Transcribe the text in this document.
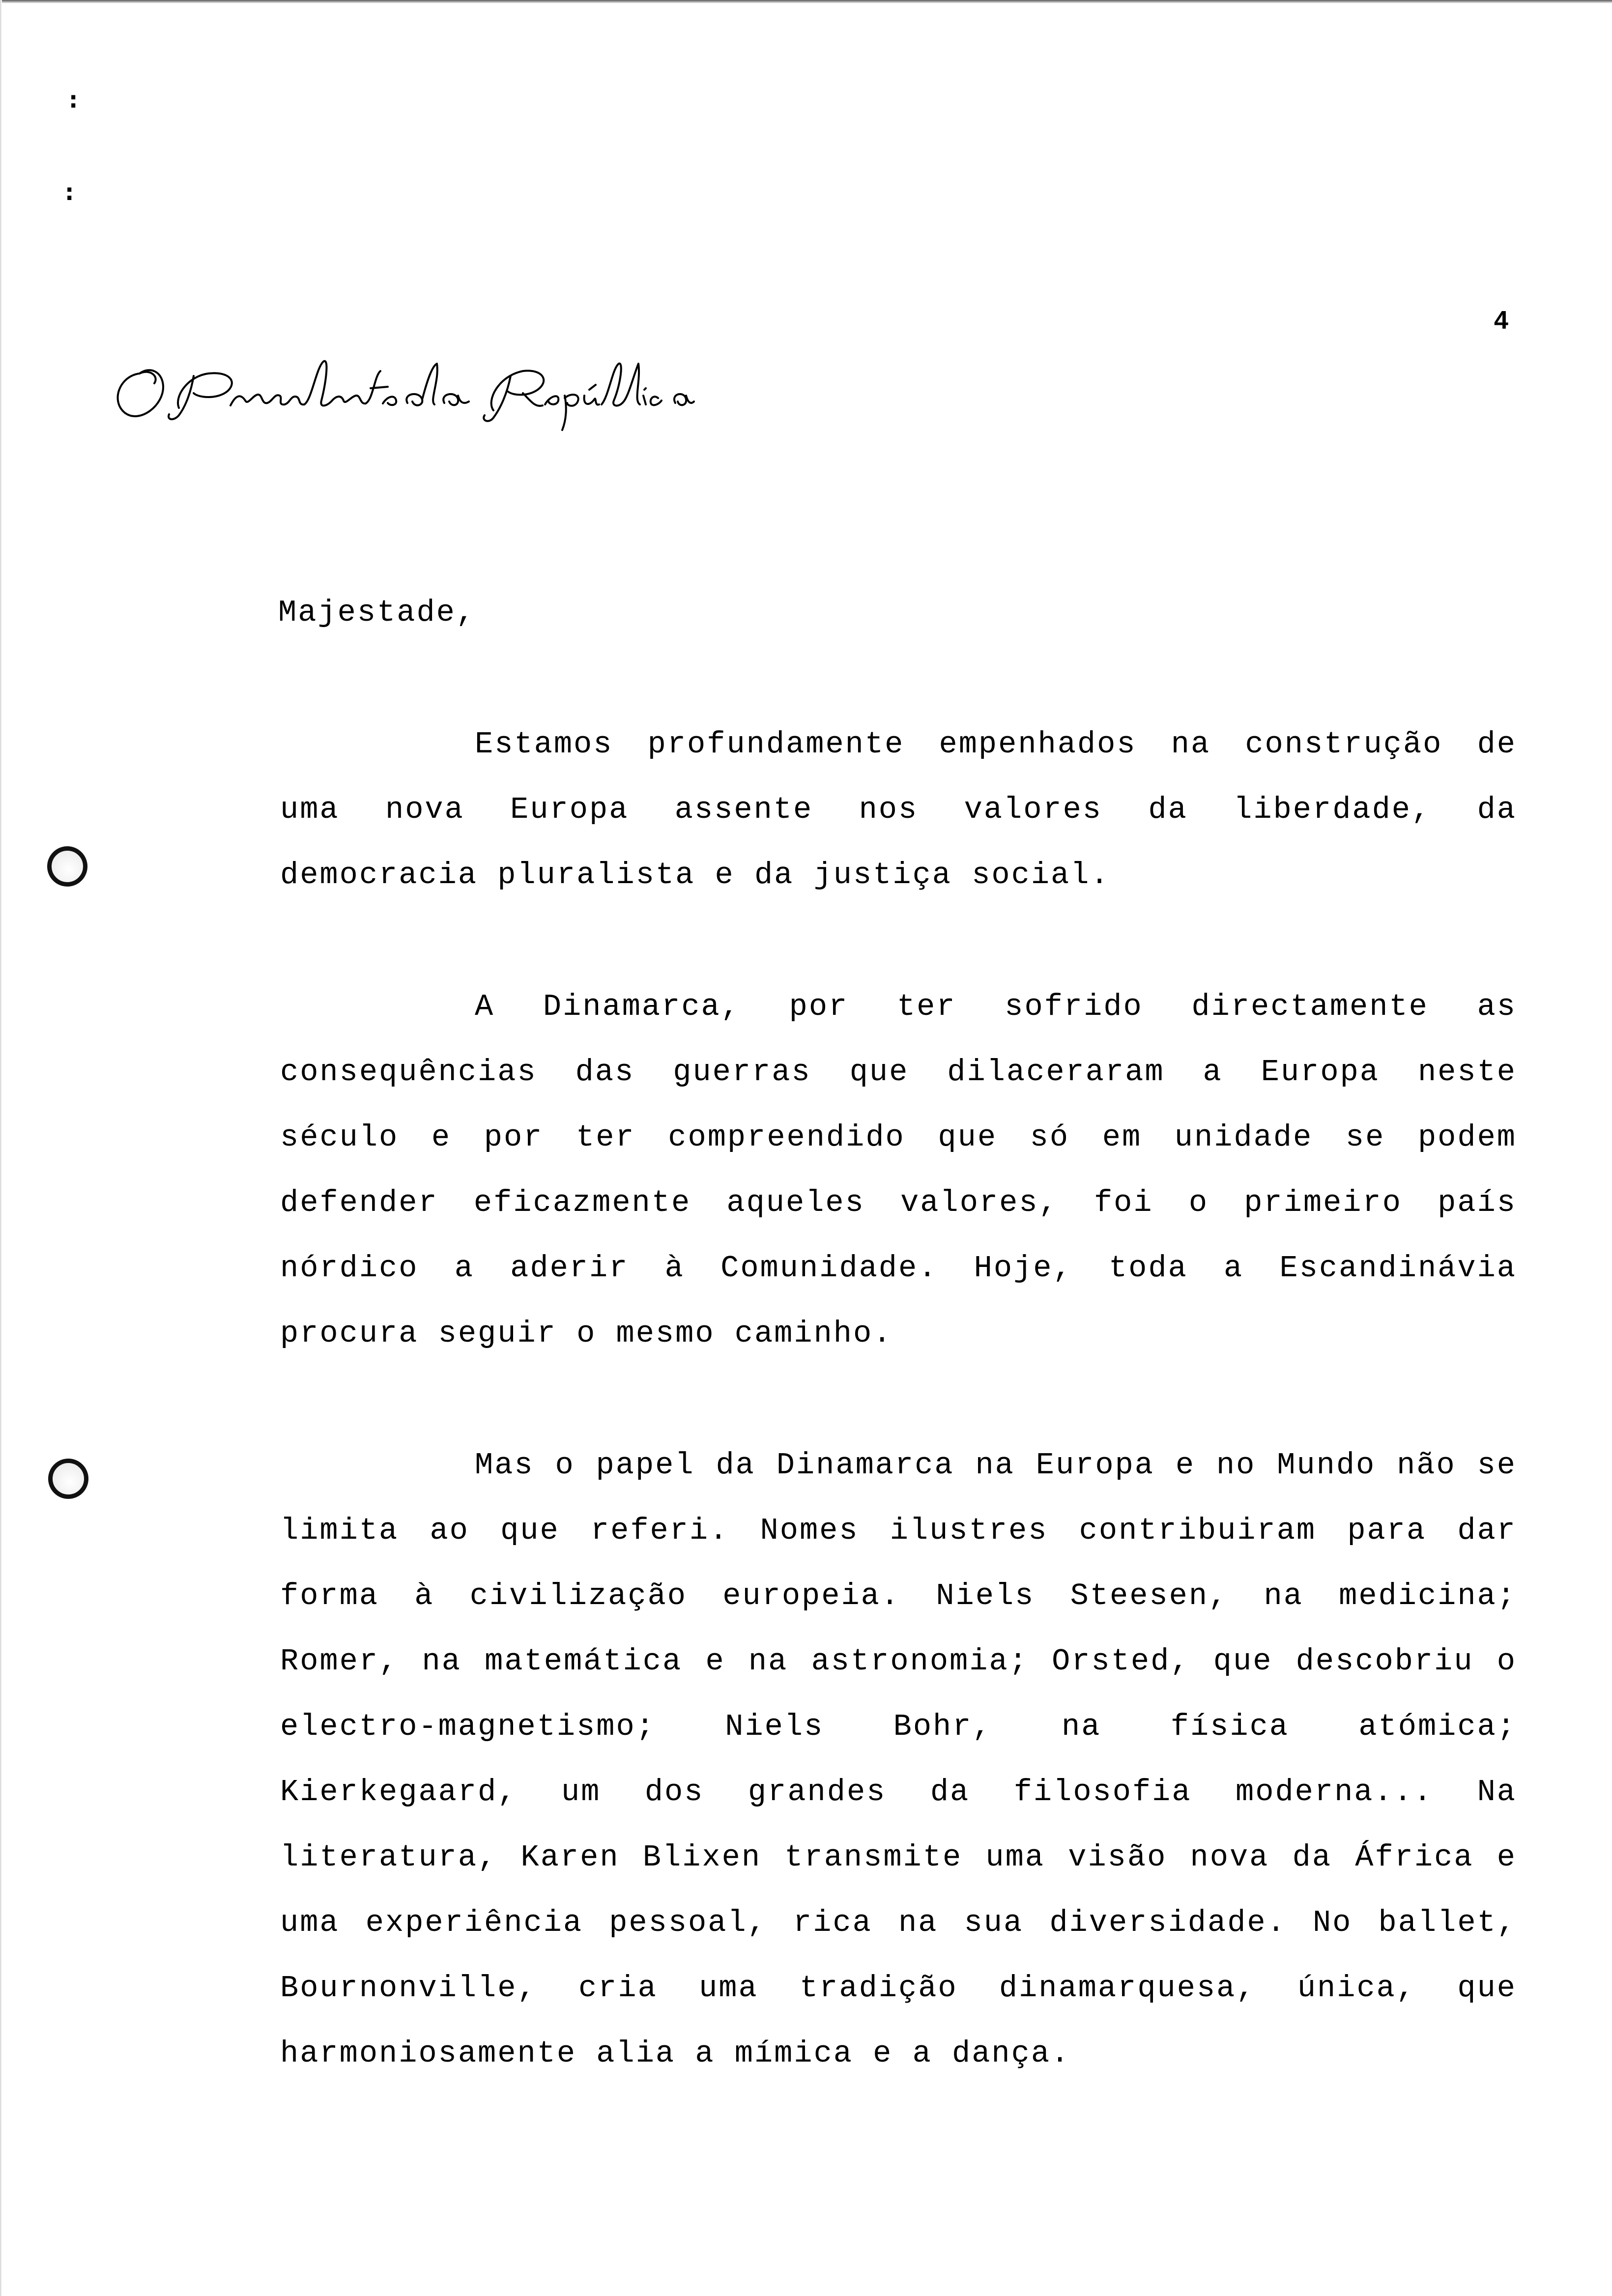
:
:
4
Majestade,

Estamos profundamente empenhados na construção de uma nova Europa assente nos valores da liberdade, da democracia pluralista e da justiça social.

A Dinamarca, por ter sofrido directamente as consequências das guerras que dilaceraram a Europa neste século e por ter compreendido que só em unidade se podem defender eficazmente aqueles valores, foi o primeiro país nórdico a aderir à Comunidade. Hoje, toda a Escandinávia procura seguir o mesmo caminho.

Mas o papel da Dinamarca na Europa e no Mundo não se limita ao que referi. Nomes ilustres contribuiram para dar forma à civilização europeia. Niels Steesen, na medicina; Romer, na matemática e na astronomia; Orsted, que descobriu o electro-magnetismo; Niels Bohr, na física atómica; Kierkegaard, um dos grandes da filosofia moderna... Na literatura, Karen Blixen transmite uma visão nova da África e uma experiência pessoal, rica na sua diversidade. No ballet, Bournonville, cria uma tradição dinamarquesa, única, que harmoniosamente alia a mímica e a dança.
